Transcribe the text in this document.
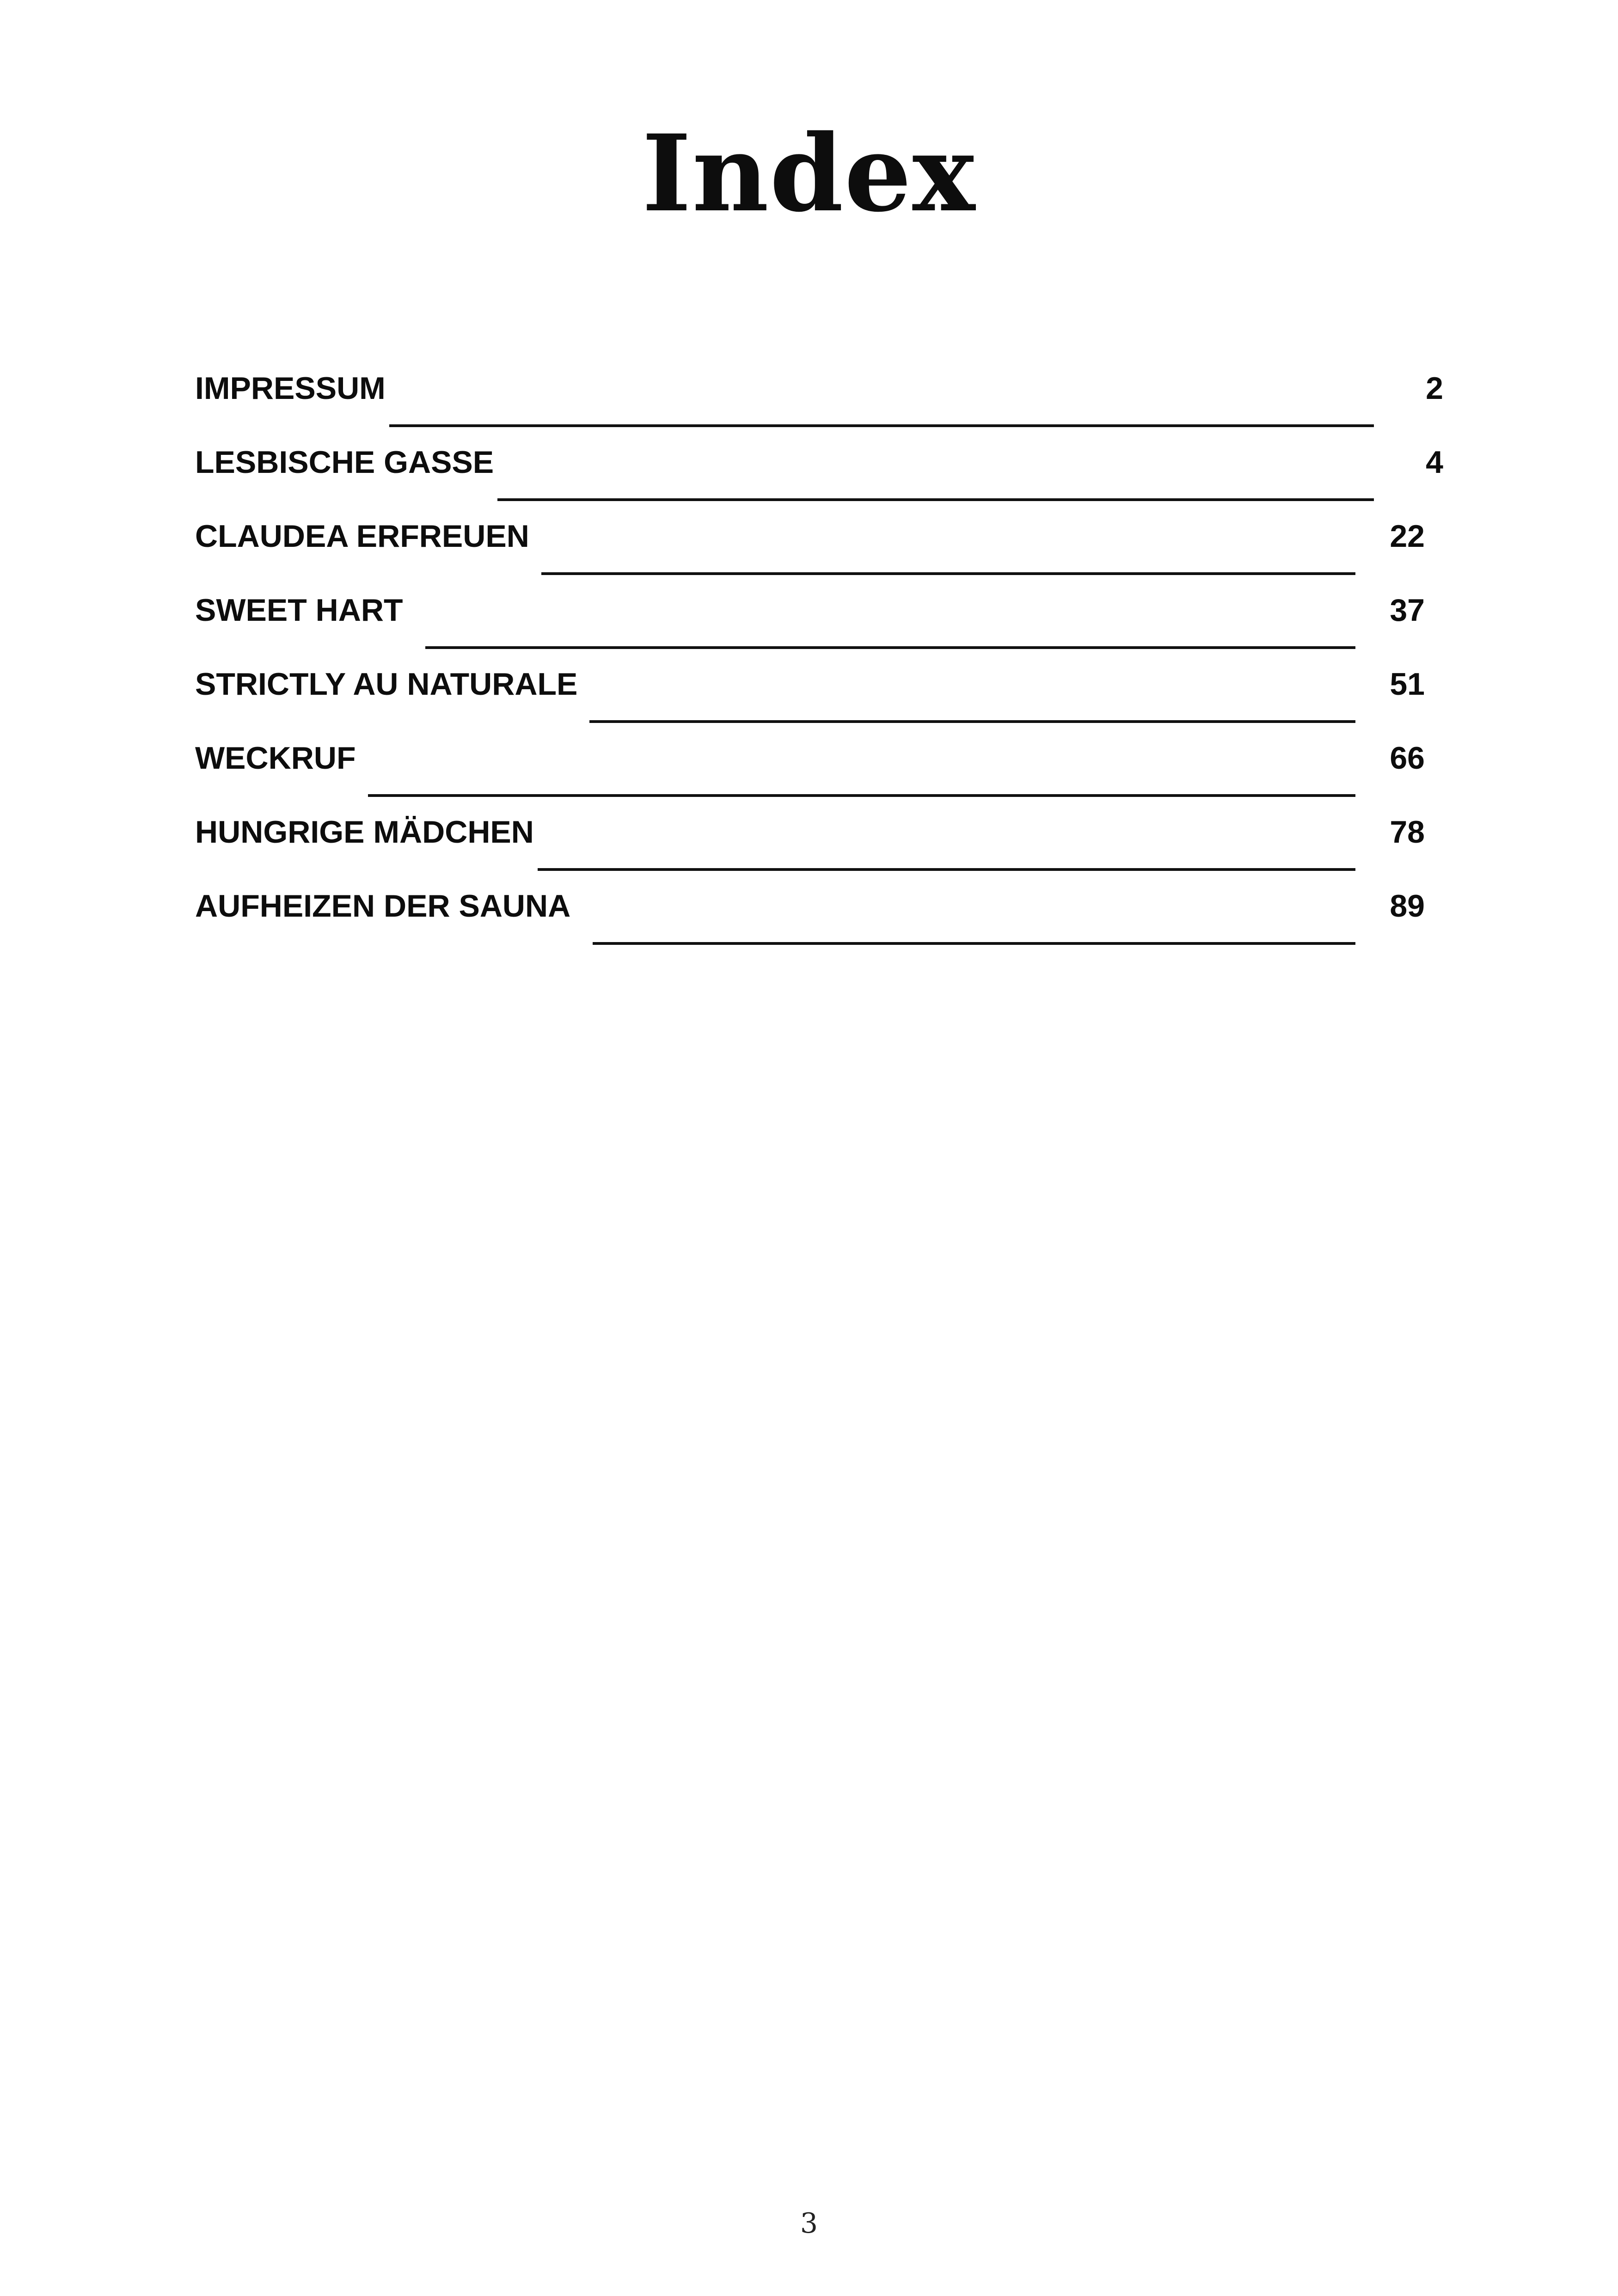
Index
IMPRESSUM	2
LESBISCHE GASSE	4
CLAUDEA ERFREUEN	22
SWEET HART	37
STRICTLY AU NATURALE	51
WECKRUF	66
HUNGRIGE MÄDCHEN	78
AUFHEIZEN DER SAUNA	89
3
